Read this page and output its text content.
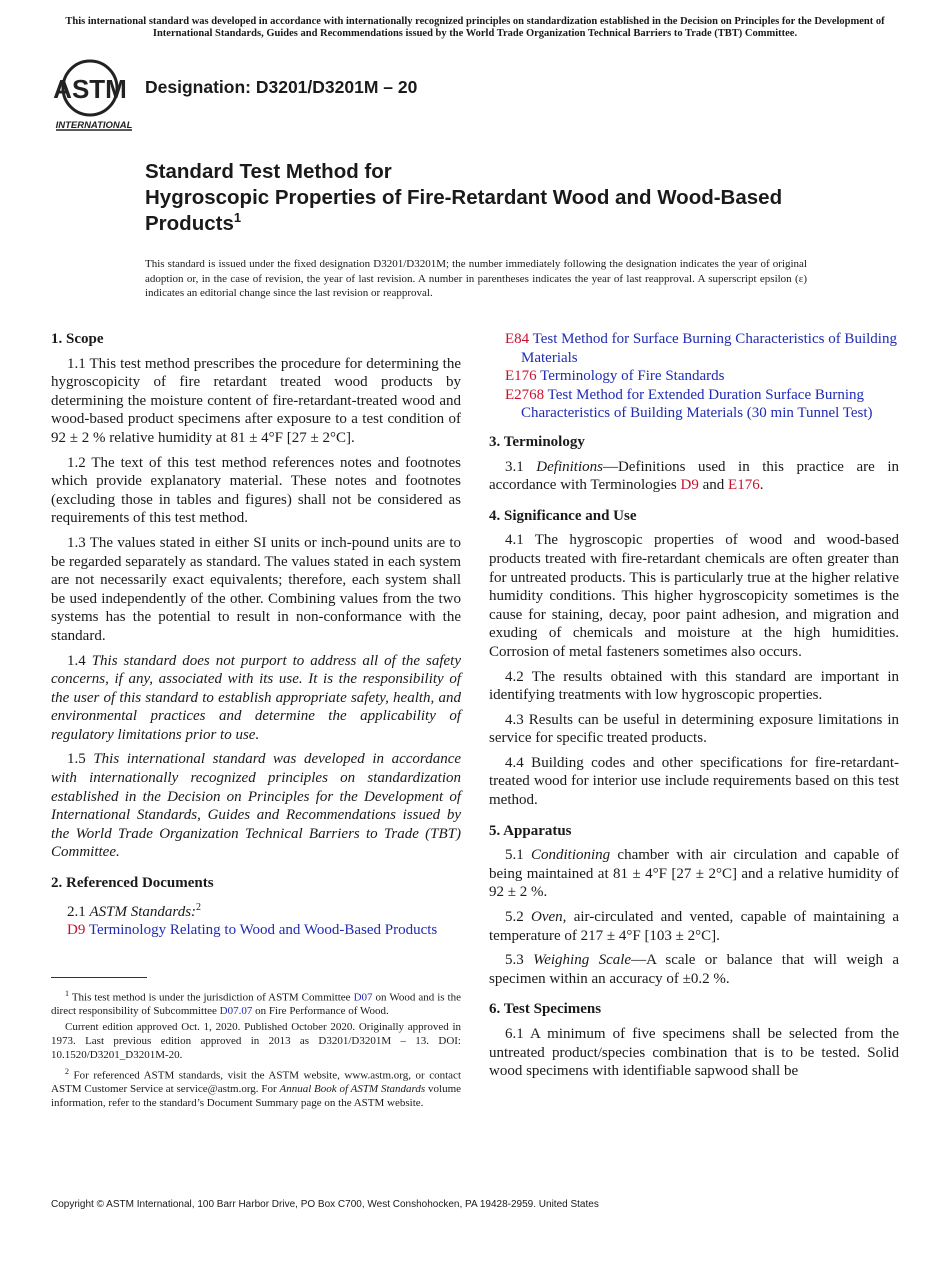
This international standard was developed in accordance with internationally recognized principles on standardization established in the Decision on Principles for the Development of International Standards, Guides and Recommendations issued by the World Trade Organization Technical Barriers to Trade (TBT) Committee.
ASTM
INTERNATIONAL
Designation: D3201/D3201M – 20
Standard Test Method for
Hygroscopic Properties of Fire-Retardant Wood and Wood-Based Products$^1$
This standard is issued under the fixed designation D3201/D3201M; the number immediately following the designation indicates the year of original adoption or, in the case of revision, the year of last revision. A number in parentheses indicates the year of last reapproval. A superscript epsilon (ε) indicates an editorial change since the last revision or reapproval.
1. Scope

1.1 This test method prescribes the procedure for determining the hygroscopicity of fire retardant treated wood products by determining the moisture content of fire-retardant-treated wood and wood-based product specimens after exposure to a test condition of 92 ± 2 % relative humidity at 81 ± 4°F [27 ± 2°C].

1.2 The text of this test method references notes and footnotes which provide explanatory material. These notes and footnotes (excluding those in tables and figures) shall not be considered as requirements of this test method.

1.3 The values stated in either SI units or inch-pound units are to be regarded separately as standard. The values stated in each system are not necessarily exact equivalents; therefore, each system shall be used independently of the other. Combining values from the two systems has the potential to result in non-conformance with the standard.

1.4 This standard does not purport to address all of the safety concerns, if any, associated with its use. It is the responsibility of the user of this standard to establish appropriate safety, health, and environmental practices and determine the applicability of regulatory limitations prior to use.

1.5 This international standard was developed in accordance with internationally recognized principles on standardization established in the Decision on Principles for the Development of International Standards, Guides and Recommendations issued by the World Trade Organization Technical Barriers to Trade (TBT) Committee.

2. Referenced Documents

2.1 ASTM Standards:$^2$

D9 Terminology Relating to Wood and Wood-Based Products

$^1$ This test method is under the jurisdiction of ASTM Committee D07 on Wood and is the direct responsibility of Subcommittee D07.07 on Fire Performance of Wood.

Current edition approved Oct. 1, 2020. Published October 2020. Originally approved in 1973. Last previous edition approved in 2013 as D3201/D3201M – 13. DOI: 10.1520/D3201_D3201M-20.

$^2$ For referenced ASTM standards, visit the ASTM website, www.astm.org, or contact ASTM Customer Service at service@astm.org. For Annual Book of ASTM Standards volume information, refer to the standard’s Document Summary page on the ASTM website.

E84 Test Method for Surface Burning Characteristics of Building Materials

E176 Terminology of Fire Standards

E2768 Test Method for Extended Duration Surface Burning Characteristics of Building Materials (30 min Tunnel Test)

3. Terminology

3.1 Definitions—Definitions used in this practice are in accordance with Terminologies D9 and E176.

4. Significance and Use

4.1 The hygroscopic properties of wood and wood-based products treated with fire-retardant chemicals are often greater than for untreated products. This is particularly true at the higher relative humidity conditions. This higher hygroscopicity sometimes is the cause for staining, decay, poor paint adhesion, and migration and exuding of chemicals and moisture at the high humidities. Corrosion of metal fasteners sometimes also occurs.

4.2 The results obtained with this standard are important in identifying treatments with low hygroscopic properties.

4.3 Results can be useful in determining exposure limitations in service for specific treated products.

4.4 Building codes and other specifications for fire-retardant-treated wood for interior use include requirements based on this test method.

5. Apparatus

5.1 Conditioning chamber with air circulation and capable of being maintained at 81 ± 4°F [27 ± 2°C] and a relative humidity of 92 ± 2 %.

5.2 Oven, air-circulated and vented, capable of maintaining a temperature of 217 ± 4°F [103 ± 2°C].

5.3 Weighing Scale—A scale or balance that will weigh a specimen within an accuracy of ±0.2 %.

6. Test Specimens

6.1 A minimum of five specimens shall be selected from the untreated product/species combination that is to be tested. Solid wood specimens with identifiable sapwood shall be

Copyright © ASTM International, 100 Barr Harbor Drive, PO Box C700, West Conshohocken, PA 19428-2959. United States
